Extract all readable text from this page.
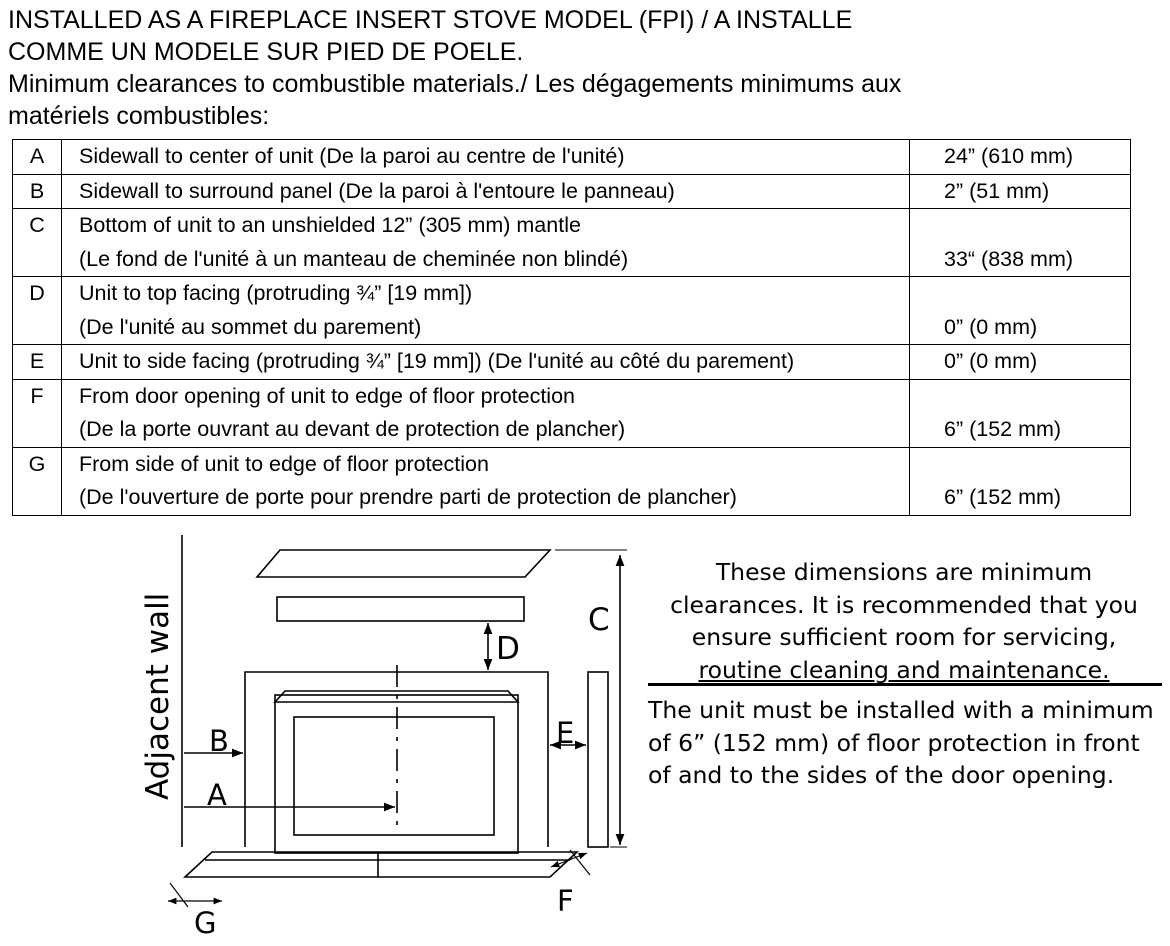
INSTALLED AS A FIREPLACE INSERT STOVE MODEL (FPI) / A INSTALLE
COMME UN MODELE SUR PIED DE POELE.
Minimum clearances to combustible materials./ Les dégagements minimums aux
matériels combustibles:
A	Sidewall to center of unit (De la paroi au centre de l'unité)	24” (610 mm)

B	Sidewall to surround panel (De la paroi à l'entoure le panneau)	2” (51 mm)

C	Bottom of unit to an unshielded 12” (305 mm) mantle
(Le fond de l'unité à un manteau de cheminée non blindé)	33“ (838 mm)

D	Unit to top facing (protruding ¾” [19 mm])
(De l'unité au sommet du parement)	0” (0 mm)

E	Unit to side facing (protruding ¾” [19 mm]) (De l'unité au côté du parement)	0” (0 mm)

F	From door opening of unit to edge of floor protection
(De la porte ouvrant au devant de protection de plancher)	6” (152 mm)

G	From side of unit to edge of floor protection
(De l'ouverture de porte pour prendre parti de protection de plancher)	6” (152 mm)
Adjacent wall A
B
C
D
E
F
G
These dimensions are minimum
clearances. It is recommended that you
ensure sufficient room for servicing,
routine cleaning and maintenance.
The unit must be installed with a minimum
of 6” (152 mm) of floor protection in front
of and to the sides of the door opening.
